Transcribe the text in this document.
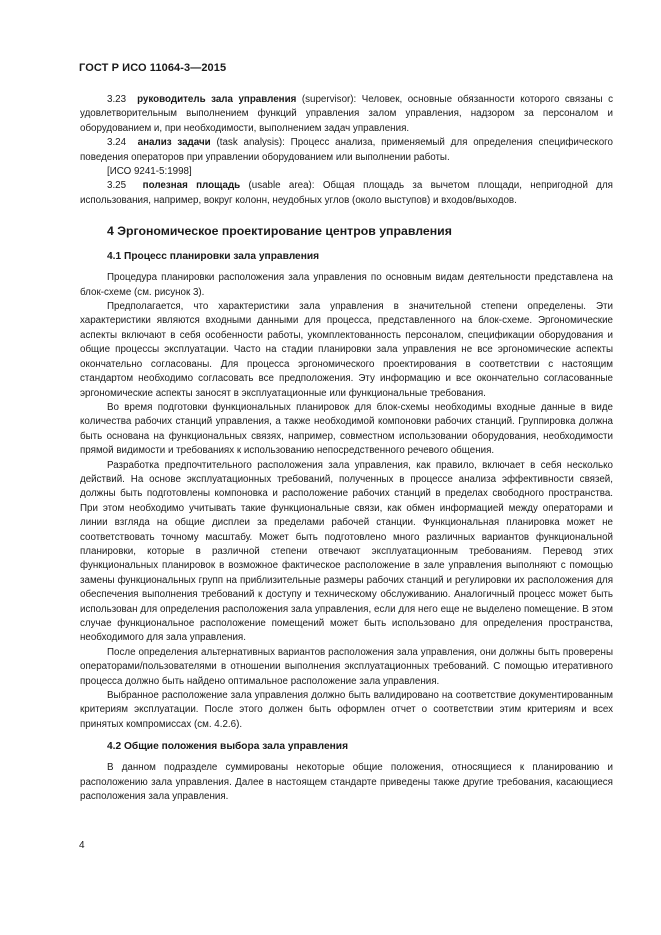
ГОСТ Р ИСО 11064-3—2015

3.23 руководитель зала управления (supervisor): Человек, основные обязанности которого связаны с удовлетворительным выполнением функций управления залом управления, надзором за персоналом и оборудованием и, при необходимости, выполнением задач управления.

3.24 анализ задачи (task analysis): Процесс анализа, применяемый для определения специфического поведения операторов при управлении оборудованием или выполнении работы.

[ИСО 9241-5:1998]

3.25 полезная площадь (usable area): Общая площадь за вычетом площади, непригодной для использования, например, вокруг колонн, неудобных углов (около выступов) и входов/выходов.

4 Эргономическое проектирование центров управления
4.1 Процесс планировки зала управления

Процедура планировки расположения зала управления по основным видам деятельности представлена на блок-схеме (см. рисунок 3).

Предполагается, что характеристики зала управления в значительной степени определены. Эти характеристики являются входными данными для процесса, представленного на блок-схеме. Эргономические аспекты включают в себя особенности работы, укомплектованность персоналом, спецификации оборудования и общие процессы эксплуатации. Часто на стадии планировки зала управления не все эргономические аспекты окончательно согласованы. Для процесса эргономического проектирования в соответствии с настоящим стандартом необходимо согласовать все предположения. Эту информацию и все окончательно согласованные эргономические аспекты заносят в эксплуатационные или функциональные требования.

Во время подготовки функциональных планировок для блок-схемы необходимы входные данные в виде количества рабочих станций управления, а также необходимой компоновки рабочих станций. Группировка должна быть основана на функциональных связях, например, совместном использовании оборудования, необходимости прямой видимости и требованиях к использованию непосредственного речевого общения.

Разработка предпочтительного расположения зала управления, как правило, включает в себя несколько действий. На основе эксплуатационных требований, полученных в процессе анализа эффективности связей, должны быть подготовлены компоновка и расположение рабочих станций в пределах свободного пространства. При этом необходимо учитывать такие функциональные связи, как обмен информацией между операторами и линии взгляда на общие дисплеи за пределами рабочей станции. Функциональная планировка может не соответствовать точному масштабу. Может быть подготовлено много различных вариантов функциональной планировки, которые в различной степени отвечают эксплуатационным требованиям. Перевод этих функциональных планировок в возможное фактическое расположение в зале управления выполняют с помощью замены функциональных групп на приблизительные размеры рабочих станций и регулировки их расположения для обеспечения выполнения требований к доступу и техническому обслуживанию. Аналогичный процесс может быть использован для определения расположения зала управления, если для него еще не выделено помещение. В этом случае функциональное расположение помещений может быть использовано для определения пространства, необходимого для зала управления.

После определения альтернативных вариантов расположения зала управления, они должны быть проверены операторами/пользователями в отношении выполнения эксплуатационных требований. С помощью итеративного процесса должно быть найдено оптимальное расположение зала управления.

Выбранное расположение зала управления должно быть валидировано на соответствие документированным критериям эксплуатации. После этого должен быть оформлен отчет о соответствии этим критериям и всех принятых компромиссах (см. 4.2.6).

4.2 Общие положения выбора зала управления

В данном подразделе суммированы некоторые общие положения, относящиеся к планированию и расположению зала управления. Далее в настоящем стандарте приведены также другие требования, касающиеся расположения зала управления.

4
